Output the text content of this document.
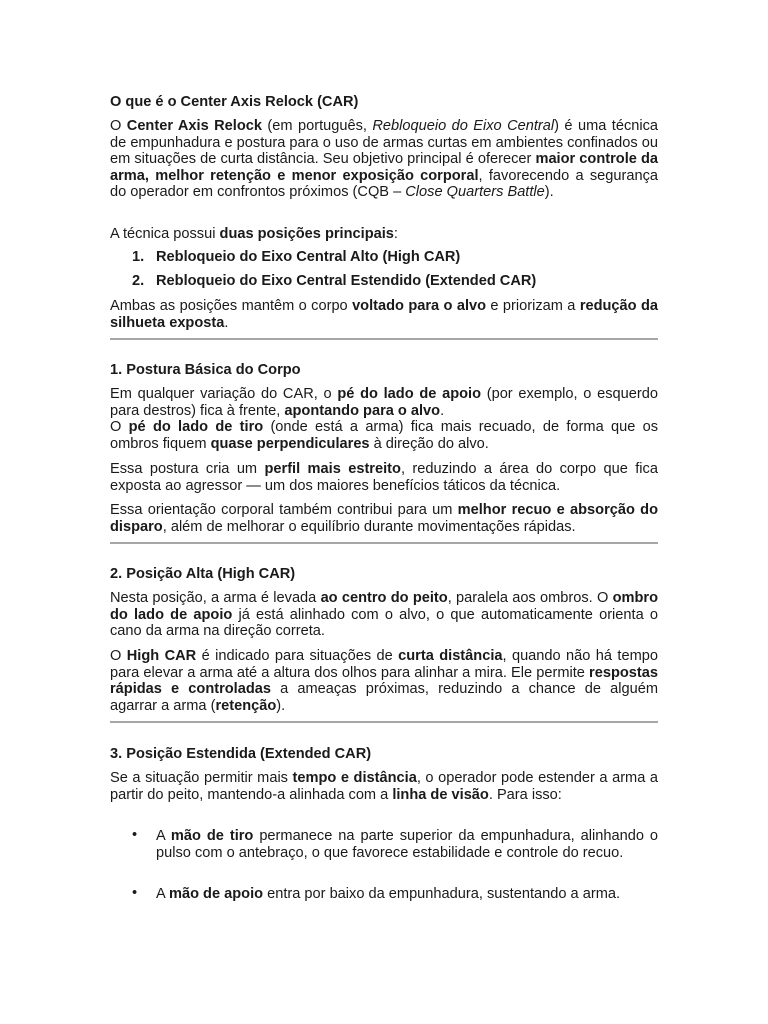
O que é o Center Axis Relock (CAR)

O Center Axis Relock (em português, Rebloqueio do Eixo Central) é uma técnica de empunhadura e postura para o uso de armas curtas em ambientes confinados ou em situações de curta distância. Seu objetivo principal é oferecer maior controle da arma, melhor retenção e menor exposição corporal, favorecendo a segurança do operador em confrontos próximos (CQB – Close Quarters Battle).

A técnica possui duas posições principais:

1. Rebloqueio do Eixo Central Alto (High CAR)
2. Rebloqueio do Eixo Central Estendido (Extended CAR)

Ambas as posições mantêm o corpo voltado para o alvo e priorizam a redução da silhueta exposta.

1. Postura Básica do Corpo
Em qualquer variação do CAR, o pé do lado de apoio (por exemplo, o esquerdo para destros) fica à frente, apontando para o alvo.
O pé do lado de tiro (onde está a arma) fica mais recuado, de forma que os ombros fiquem quase perpendiculares à direção do alvo.

Essa postura cria um perfil mais estreito, reduzindo a área do corpo que fica exposta ao agressor — um dos maiores benefícios táticos da técnica.

Essa orientação corporal também contribui para um melhor recuo e absorção do disparo, além de melhorar o equilíbrio durante movimentações rápidas.

2. Posição Alta (High CAR)

Nesta posição, a arma é levada ao centro do peito, paralela aos ombros. O ombro do lado de apoio já está alinhado com o alvo, o que automaticamente orienta o cano da arma na direção correta.

O High CAR é indicado para situações de curta distância, quando não há tempo para elevar a arma até a altura dos olhos para alinhar a mira. Ele permite respostas rápidas e controladas a ameaças próximas, reduzindo a chance de alguém agarrar a arma (retenção).

3. Posição Estendida (Extended CAR)

Se a situação permitir mais tempo e distância, o operador pode estender a arma a partir do peito, mantendo-a alinhada com a linha de visão. Para isso:

•	A mão de tiro permanece na parte superior da empunhadura, alinhando o pulso com o antebraço, o que favorece estabilidade e controle do recuo.

•	A mão de apoio entra por baixo da empunhadura, sustentando a arma.
